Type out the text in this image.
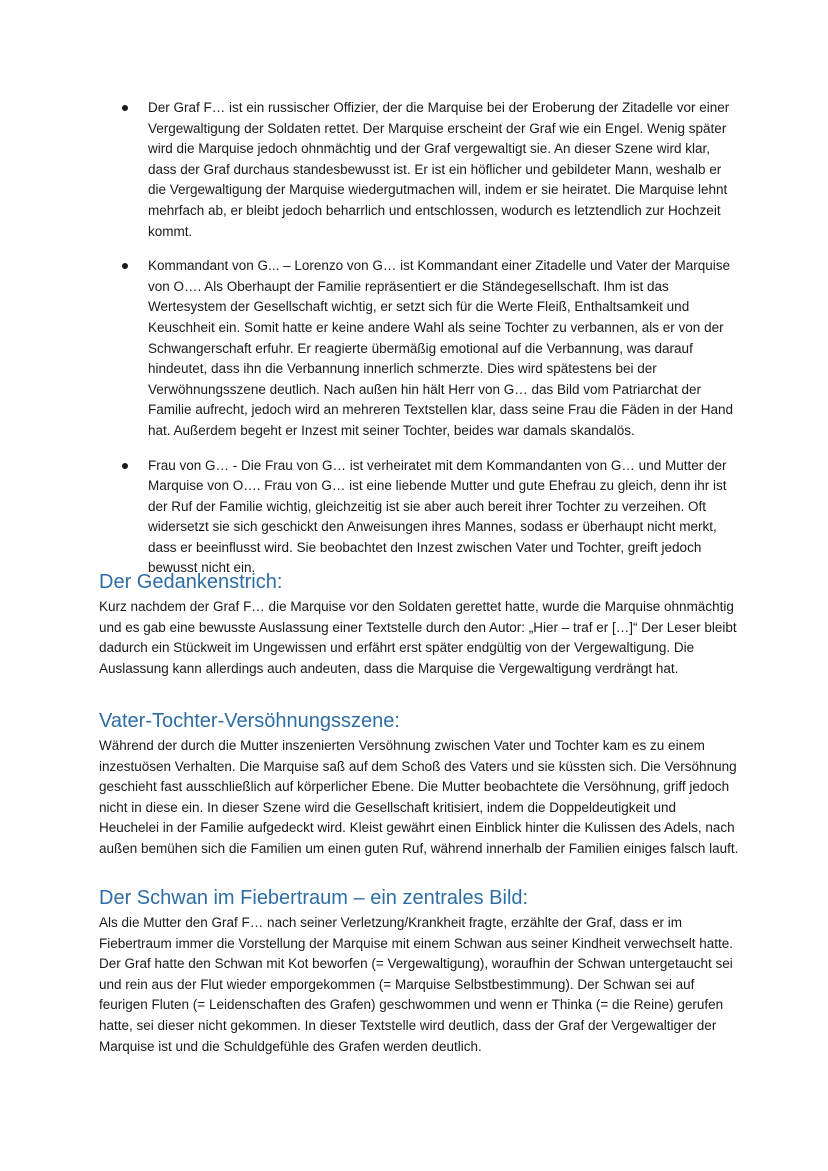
Der Graf F… ist ein russischer Offizier, der die Marquise bei der Eroberung der Zitadelle vor einer Vergewaltigung der Soldaten rettet. Der Marquise erscheint der Graf wie ein Engel. Wenig später wird die Marquise jedoch ohnmächtig und der Graf vergewaltigt sie. An dieser Szene wird klar, dass der Graf durchaus standesbewusst ist. Er ist ein höflicher und gebildeter Mann, weshalb er die Vergewaltigung der Marquise wiedergutmachen will, indem er sie heiratet. Die Marquise lehnt mehrfach ab, er bleibt jedoch beharrlich und entschlossen, wodurch es letztendlich zur Hochzeit kommt.
Kommandant von G... – Lorenzo von G… ist Kommandant einer Zitadelle und Vater der Marquise von O…. Als Oberhaupt der Familie repräsentiert er die Ständegesellschaft. Ihm ist das Wertesystem der Gesellschaft wichtig, er setzt sich für die Werte Fleiß, Enthaltsamkeit und Keuschheit ein. Somit hatte er keine andere Wahl als seine Tochter zu verbannen, als er von der Schwangerschaft erfuhr. Er reagierte übermäßig emotional auf die Verbannung, was darauf hindeutet, dass ihn die Verbannung innerlich schmerzte. Dies wird spätestens bei der Verwöhnungsszene deutlich. Nach außen hin hält Herr von G… das Bild vom Patriarchat der Familie aufrecht, jedoch wird an mehreren Textstellen klar, dass seine Frau die Fäden in der Hand hat. Außerdem begeht er Inzest mit seiner Tochter, beides war damals skandalös.
Frau von G… - Die Frau von G… ist verheiratet mit dem Kommandanten von G… und Mutter der Marquise von O…. Frau von G… ist eine liebende Mutter und gute Ehefrau zu gleich, denn ihr ist der Ruf der Familie wichtig, gleichzeitig ist sie aber auch bereit ihrer Tochter zu verzeihen. Oft widersetzt sie sich geschickt den Anweisungen ihres Mannes, sodass er überhaupt nicht merkt, dass er beeinflusst wird. Sie beobachtet den Inzest zwischen Vater und Tochter, greift jedoch bewusst nicht ein.
Der Gedankenstrich:

Kurz nachdem der Graf F… die Marquise vor den Soldaten gerettet hatte, wurde die Marquise ohnmächtig und es gab eine bewusste Auslassung einer Textstelle durch den Autor: „Hier – traf er […]“ Der Leser bleibt dadurch ein Stückweit im Ungewissen und erfährt erst später endgültig von der Vergewaltigung. Die Auslassung kann allerdings auch andeuten, dass die Marquise die Vergewaltigung verdrängt hat.

Vater-Tochter-Versöhnungsszene:

Während der durch die Mutter inszenierten Versöhnung zwischen Vater und Tochter kam es zu einem inzestuösen Verhalten. Die Marquise saß auf dem Schoß des Vaters und sie küssten sich. Die Versöhnung geschieht fast ausschließlich auf körperlicher Ebene. Die Mutter beobachtete die Versöhnung, griff jedoch nicht in diese ein. In dieser Szene wird die Gesellschaft kritisiert, indem die Doppeldeutigkeit und Heuchelei in der Familie aufgedeckt wird. Kleist gewährt einen Einblick hinter die Kulissen des Adels, nach außen bemühen sich die Familien um einen guten Ruf, während innerhalb der Familien einiges falsch lauft.

Der Schwan im Fiebertraum – ein zentrales Bild:

Als die Mutter den Graf F… nach seiner Verletzung/Krankheit fragte, erzählte der Graf, dass er im Fiebertraum immer die Vorstellung der Marquise mit einem Schwan aus seiner Kindheit verwechselt hatte. Der Graf hatte den Schwan mit Kot beworfen (= Vergewaltigung), woraufhin der Schwan untergetaucht sei und rein aus der Flut wieder emporgekommen (= Marquise Selbstbestimmung). Der Schwan sei auf feurigen Fluten (= Leidenschaften des Grafen) geschwommen und wenn er Thinka (= die Reine) gerufen hatte, sei dieser nicht gekommen. In dieser Textstelle wird deutlich, dass der Graf der Vergewaltiger der Marquise ist und die Schuldgefühle des Grafen werden deutlich.
